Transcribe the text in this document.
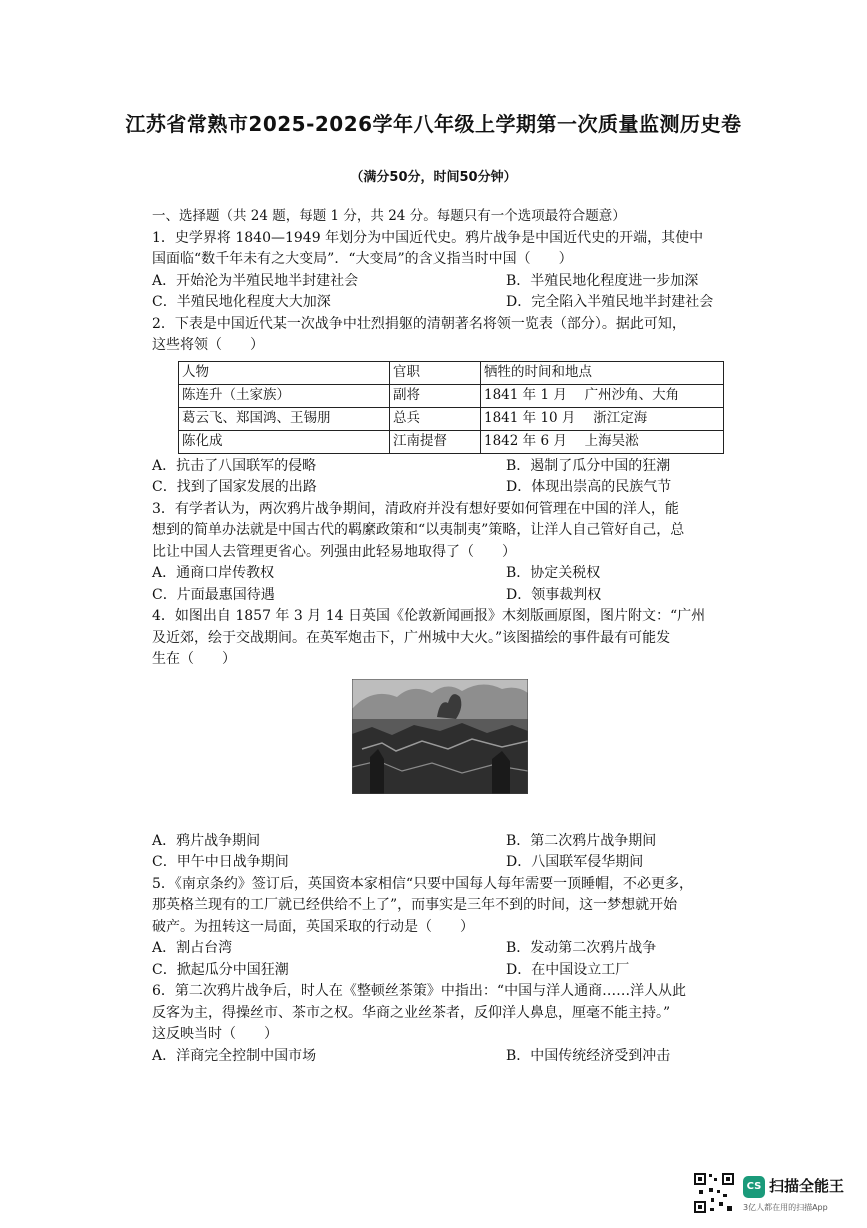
江苏省常熟市2025-2026学年八年级上学期第一次质量监测历史卷
（满分50分，时间50分钟）
一、选择题（共 24 题，每题 1 分，共 24 分。每题只有一个选项最符合题意）
1．史学界将 1840—1949 年划分为中国近代史。鸦片战争是中国近代史的开端，其使中
国面临“数千年未有之大变局”．“大变局”的含义指当时中国（　　）
A．开始沦为半殖民地半封建社会	B．半殖民地化程度进一步加深
C．半殖民地化程度大大加深	D．完全陷入半殖民地半封建社会
2．下表是中国近代某一次战争中壮烈捐躯的清朝著名将领一览表（部分）。据此可知，
这些将领（　　）
人物	官职	牺牲的时间和地点
陈连升（土家族）	副将	1841 年 1 月　 广州沙角、大角
葛云飞、郑国鸿、王锡朋	总兵	1841 年 10 月　 浙江定海
陈化成	江南提督	1842 年 6 月　 上海吴淞
A．抗击了八国联军的侵略	B．遏制了瓜分中国的狂潮
C．找到了国家发展的出路	D．体现出崇高的民族气节
3．有学者认为，两次鸦片战争期间，清政府并没有想好要如何管理在中国的洋人，能
想到的简单办法就是中国古代的羁縻政策和“以夷制夷”策略，让洋人自己管好自己，总
比让中国人去管理更省心。列强由此轻易地取得了（　　）
A．通商口岸传教权	B．协定关税权
C．片面最惠国待遇	D．领事裁判权
4．如图出自 1857 年 3 月 14 日英国《伦敦新闻画报》木刻版画原图，图片附文：“广州
及近郊，绘于交战期间。在英军炮击下，广州城中大火。”该图描绘的事件最有可能发
生在（　　）
A．鸦片战争期间	B．第二次鸦片战争期间
C．甲午中日战争期间	D．八国联军侵华期间
5．《南京条约》签订后，英国资本家相信“只要中国每人每年需要一顶睡帽，不必更多，
那英格兰现有的工厂就已经供给不上了”，而事实是三年不到的时间，这一梦想就开始
破产。为扭转这一局面，英国采取的行动是（　　）
A．割占台湾	B．发动第二次鸦片战争
C．掀起瓜分中国狂潮	D．在中国设立工厂
6．第二次鸦片战争后，时人在《整顿丝茶策》中指出：“中国与洋人通商……洋人从此
反客为主，得操丝市、茶市之权。华商之业丝茶者，反仰洋人鼻息，厘毫不能主持。”
这反映当时（　　）
A．洋商完全控制中国市场	B．中国传统经济受到冲击
CS 扫描全能王
3亿人都在用的扫描App
